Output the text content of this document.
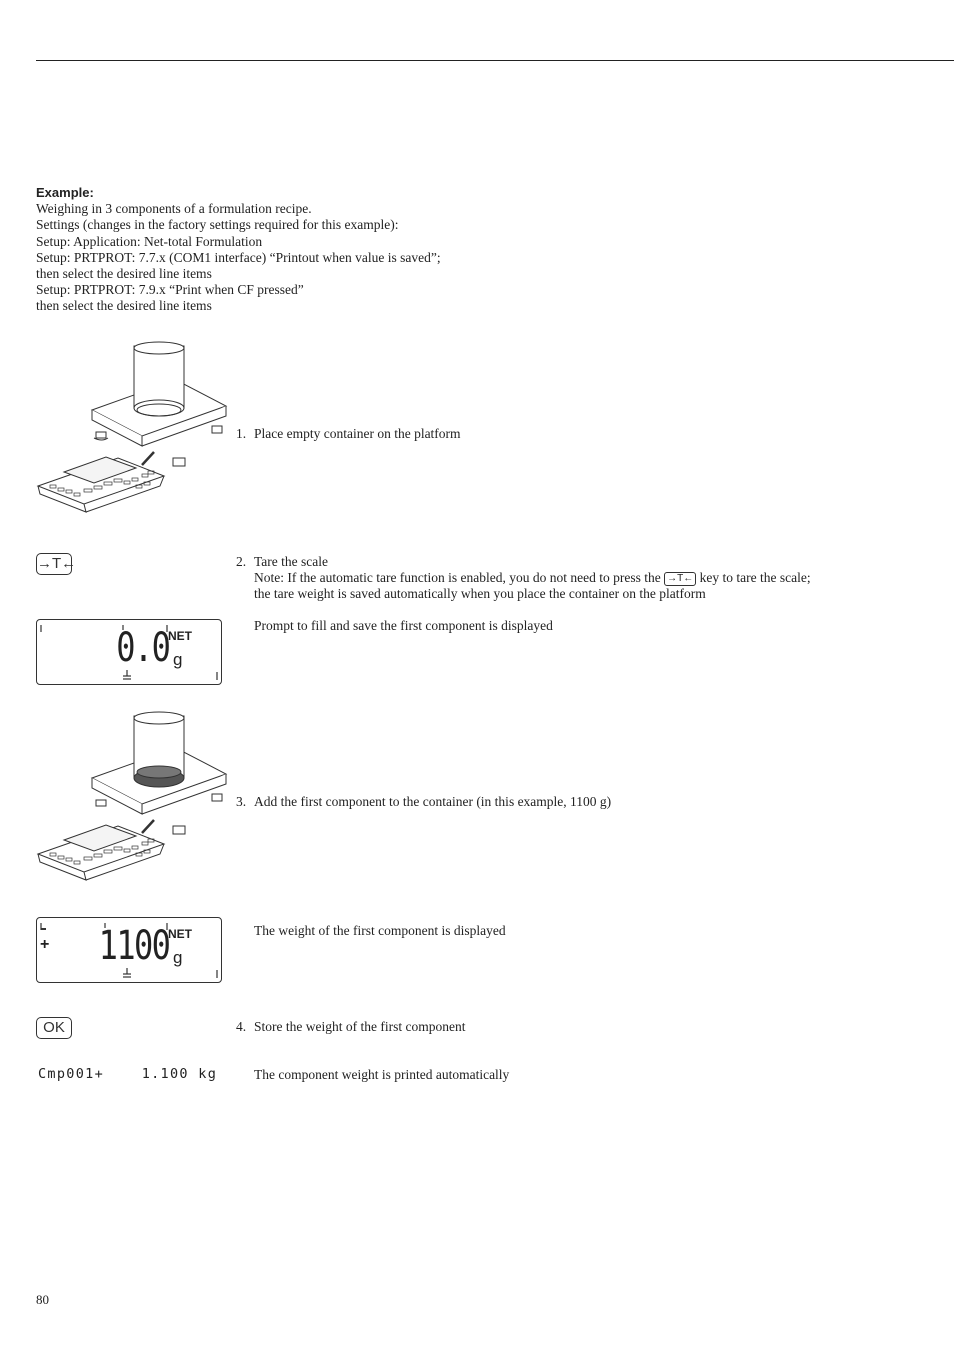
Example:
Weighing in 3 components of a formulation recipe.
Settings (changes in the factory settings required for this example):
Setup: Application: Net-total Formulation
Setup: PRTPROT: 7.7.x (COM1 interface) “Printout when value is saved”;
then select the desired line items
Setup: PRTPROT: 7.9.x “Print when CF pressed”
then select the desired line items
1. Place empty container on the platform
→T←	2. Tare the scale
Note: If the automatic tare function is enabled, you do not need to press the →T← key to tare the scale;
the tare weight is saved automatically when you place the container on the platform
0.0 NET
g
Prompt to fill and save the first component is displayed
3. Add the first component to the container (in this example, 1100 g)
+ 1100 NET
g
The weight of the first component is displayed
OK	4. Store the weight of the first component
Cmp001+    1.100 kg	The component weight is printed automatically
80
